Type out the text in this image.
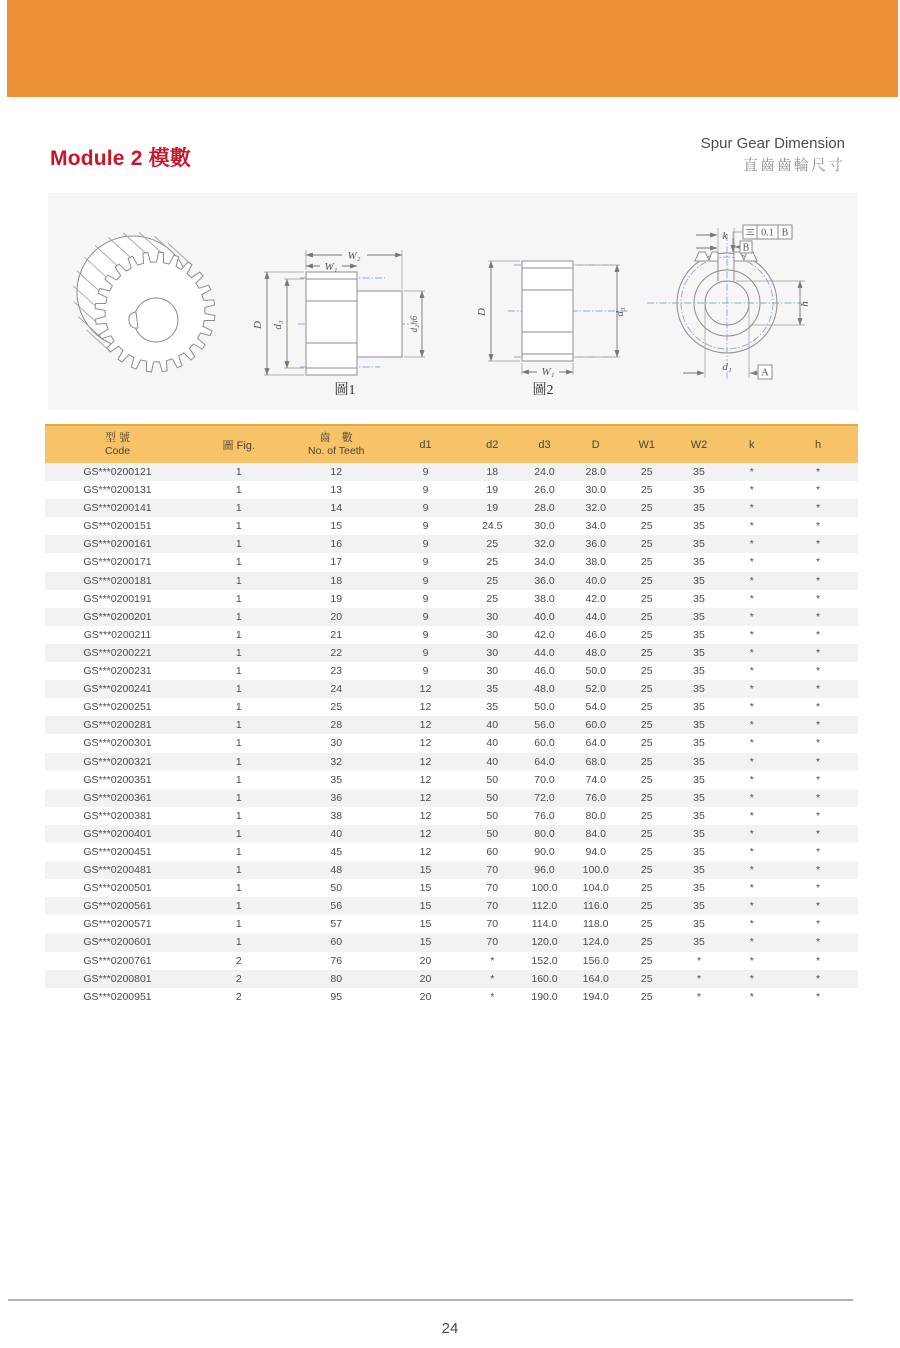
Module 2 模數
Spur Gear Dimension
直齒齒輪尺寸
W₂
W₁
D d₃	d₂h6
D	d₃
W₁
k	0.1 B
B
h
d₁	A
圖1	圖2
型 號
Code	圖 Fig.	
齒　數
No. of Teeth	d1	d2	d3	D	W1	W2	k	h
GS***0200121	1	12	9	18	24.0	28.0	25	35	*	*
GS***0200131	1	13	9	19	26.0	30.0	25	35	*	*
GS***0200141	1	14	9	19	28.0	32.0	25	35	*	*
GS***0200151	1	15	9	24.5	30.0	34.0	25	35	*	*
GS***0200161	1	16	9	25	32.0	36.0	25	35	*	*
GS***0200171	1	17	9	25	34.0	38.0	25	35	*	*
GS***0200181	1	18	9	25	36.0	40.0	25	35	*	*
GS***0200191	1	19	9	25	38.0	42.0	25	35	*	*
GS***0200201	1	20	9	30	40.0	44.0	25	35	*	*
GS***0200211	1	21	9	30	42.0	46.0	25	35	*	*
GS***0200221	1	22	9	30	44.0	48.0	25	35	*	*
GS***0200231	1	23	9	30	46.0	50.0	25	35	*	*
GS***0200241	1	24	12	35	48.0	52.0	25	35	*	*
GS***0200251	1	25	12	35	50.0	54.0	25	35	*	*
GS***0200281	1	28	12	40	56.0	60.0	25	35	*	*
GS***0200301	1	30	12	40	60.0	64.0	25	35	*	*
GS***0200321	1	32	12	40	64.0	68.0	25	35	*	*
GS***0200351	1	35	12	50	70.0	74.0	25	35	*	*
GS***0200361	1	36	12	50	72.0	76.0	25	35	*	*
GS***0200381	1	38	12	50	76.0	80.0	25	35	*	*
GS***0200401	1	40	12	50	80.0	84.0	25	35	*	*
GS***0200451	1	45	12	60	90.0	94.0	25	35	*	*
GS***0200481	1	48	15	70	96.0	100.0	25	35	*	*
GS***0200501	1	50	15	70	100.0	104.0	25	35	*	*
GS***0200561	1	56	15	70	112.0	116.0	25	35	*	*
GS***0200571	1	57	15	70	114.0	118.0	25	35	*	*
GS***0200601	1	60	15	70	120.0	124.0	25	35	*	*
GS***0200761	2	76	20	*	152.0	156.0	25	*	*	*
GS***0200801	2	80	20	*	160.0	164.0	25	*	*	*
GS***0200951	2	95	20	*	190.0	194.0	25	*	*	*
24
